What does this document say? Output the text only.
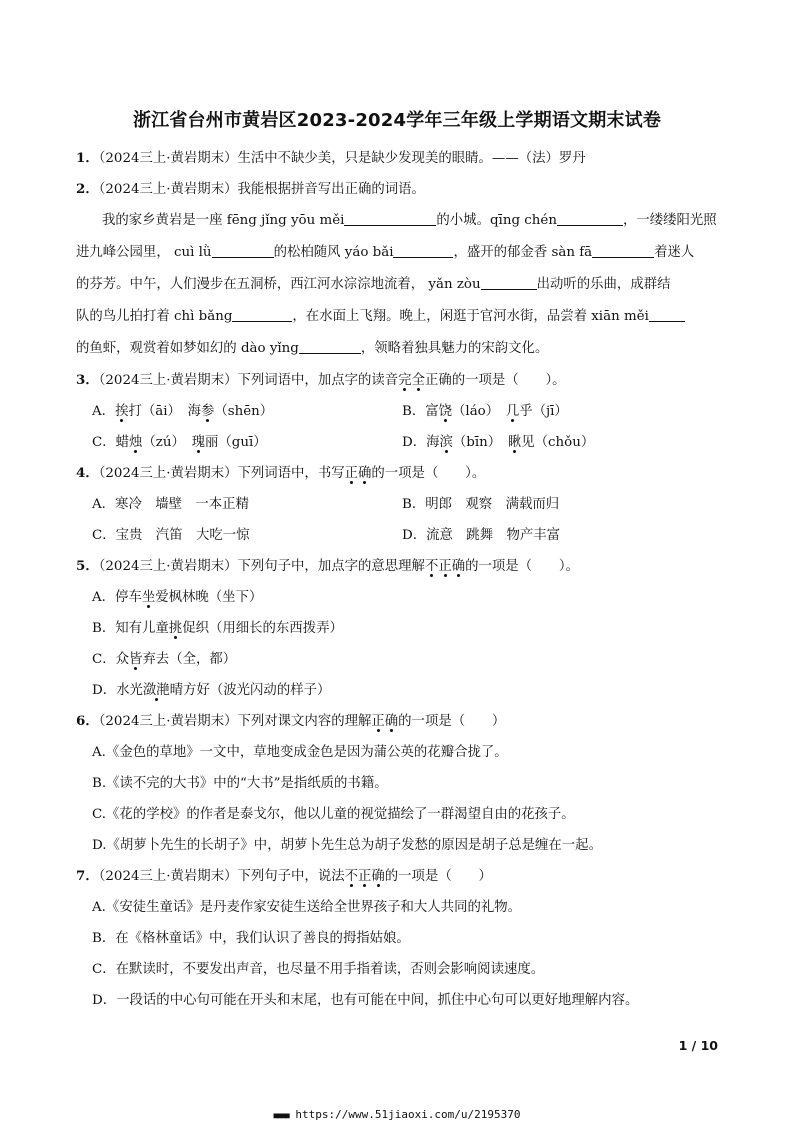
浙江省台州市黄岩区2023-2024学年三年级上学期语文期末试卷
1．（2024三上·黄岩期末）生活中不缺少美，只是缺少发现美的眼睛。——（法）罗丹
2．（2024三上·黄岩期末）我能根据拼音写出正确的词语。
我的家乡黄岩是一座 fēng jǐng yōu měi	的小城。qīng chén	，一缕缕阳光照
进九峰公园里， cuì lǜ	的松柏随风 yáo bǎi	，盛开的郁金香 sàn fā	着迷人
的芬芳。中午，人们漫步在五洞桥，西江河水淙淙地流着， yǎn zòu	出动听的乐曲，成群结
队的鸟儿拍打着 chì bǎng	，在水面上飞翔。晚上，闲逛于官河水街，品尝着 xiān měi
的鱼虾，观赏着如梦如幻的 dào yǐng	，领略着独具魅力的宋韵文化。
3．（2024三上·黄岩期末）下列词语中，加点字的读音完全正确的一项是（　　）。
A．挨打（āi）　海参（shēn）	B．富饶（láo）　几乎（jī）
C．蜡烛（zú）　瑰丽（guī）	D．海滨（bīn）　瞅见（chǒu）
4．（2024三上·黄岩期末）下列词语中，书写正确的一项是（　　）。
A．寒冷　墙壁　一本正精	B．明郎　观察　满载而归
C．宝贵　汽笛　大吃一惊	D．流意　跳舞　物产丰富
5．（2024三上·黄岩期末）下列句子中，加点字的意思理解不正确的一项是（　　）。
A．停车坐爱枫林晚（坐下）
B．知有儿童挑促织（用细长的东西拨弄）
C．众皆弃去（全，都）
D．水光潋滟晴方好（波光闪动的样子）
6．（2024三上·黄岩期末）下列对课文内容的理解正确的一项是（　　）
A.《金色的草地》一文中，草地变成金色是因为蒲公英的花瓣合拢了。
B.《读不完的大书》中的“大书”是指纸质的书籍。
C.《花的学校》的作者是泰戈尔，他以儿童的视觉描绘了一群渴望自由的花孩子。
D.《胡萝卜先生的长胡子》中，胡萝卜先生总为胡子发愁的原因是胡子总是缠在一起。
7．（2024三上·黄岩期末）下列句子中，说法不正确的一项是（　　）
A.《安徒生童话》是丹麦作家安徒生送给全世界孩子和大人共同的礼物。
B．在《格林童话》中，我们认识了善良的拇指姑娘。
C．在默读时，不要发出声音，也尽量不用手指着读，否则会影响阅读速度。
D．一段话的中心句可能在开头和末尾，也有可能在中间，抓住中心句可以更好地理解内容。
1 / 10
■■■■ https://www.51jiaoxi.com/u/2195370
